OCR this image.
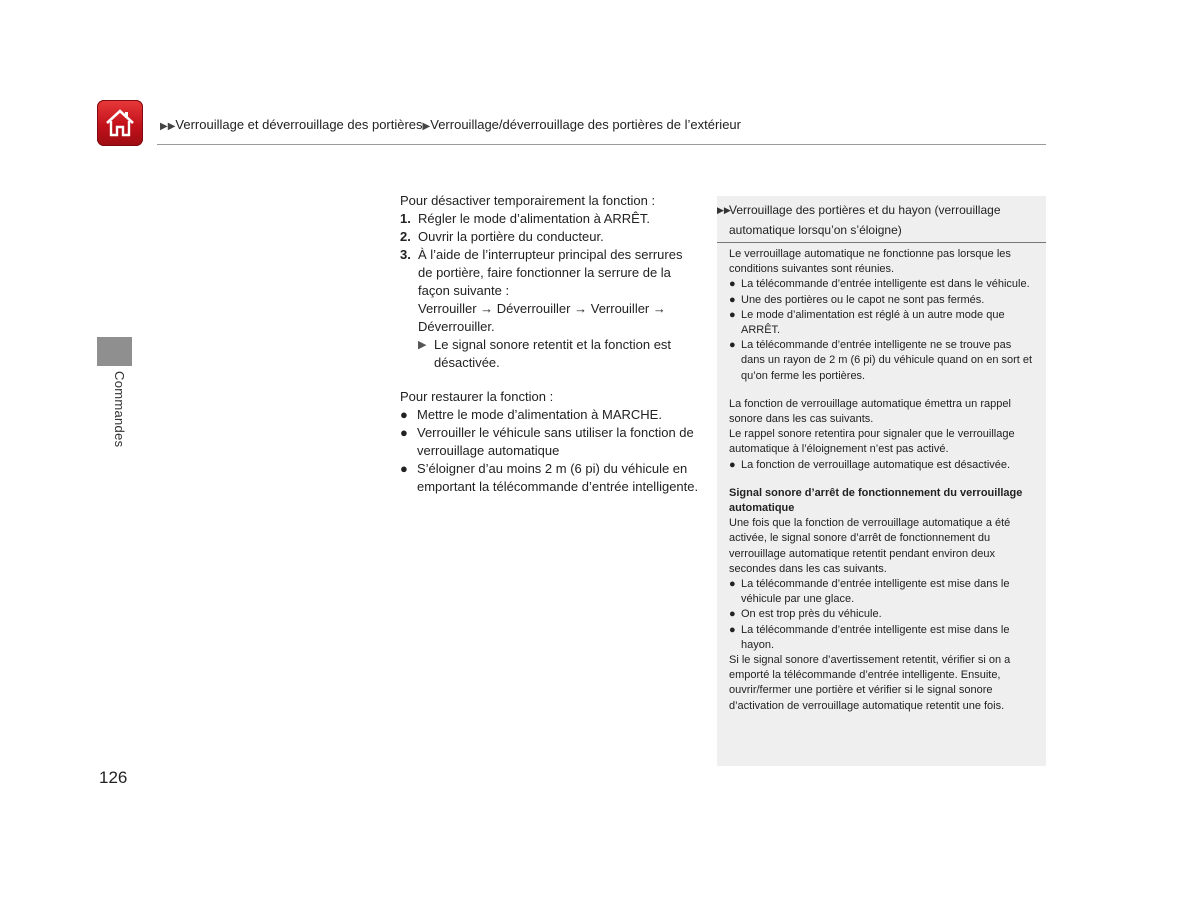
▶▶Verrouillage et déverrouillage des portières▶Verrouillage/déverrouillage des portières de l’extérieur
Commandes

Pour désactiver temporairement la fonction :

1. Régler le mode d’alimentation à ARRÊT.
2. Ouvrir la portière du conducteur.
3. À l’aide de l’interrupteur principal des serrures de portière, faire fonctionner la serrure de la façon suivante :
Verrouiller → Déverrouiller → Verrouiller → Déverrouiller.
▶ Le signal sonore retentit et la fonction est désactivée.

Pour restaurer la fonction :

● Mettre le mode d’alimentation à MARCHE.
● Verrouiller le véhicule sans utiliser la fonction de verrouillage automatique
● S’éloigner d’au moins 2 m (6 pi) du véhicule en emportant la télécommande d’entrée intelligente.
▶▶
Verrouillage des portières et du hayon (verrouillage automatique lorsqu’on s’éloigne)

Le verrouillage automatique ne fonctionne pas lorsque les conditions suivantes sont réunies.

● La télécommande d’entrée intelligente est dans le véhicule.
● Une des portières ou le capot ne sont pas fermés.
● Le mode d’alimentation est réglé à un autre mode que ARRÊT.
● La télécommande d’entrée intelligente ne se trouve pas dans un rayon de 2 m (6 pi) du véhicule quand on en sort et qu’on ferme les portières.

La fonction de verrouillage automatique émettra un rappel sonore dans les cas suivants.

Le rappel sonore retentira pour signaler que le verrouillage automatique à l’éloignement n’est pas activé.

● La fonction de verrouillage automatique est désactivée.

Signal sonore d’arrêt de fonctionnement du verrouillage automatique

Une fois que la fonction de verrouillage automatique a été activée, le signal sonore d’arrêt de fonctionnement du verrouillage automatique retentit pendant environ deux secondes dans les cas suivants.

● La télécommande d’entrée intelligente est mise dans le véhicule par une glace.
● On est trop près du véhicule.
● La télécommande d’entrée intelligente est mise dans le hayon.

Si le signal sonore d’avertissement retentit, vérifier si on a emporté la télécommande d’entrée intelligente. Ensuite, ouvrir/fermer une portière et vérifier si le signal sonore d’activation de verrouillage automatique retentit une fois.

126
